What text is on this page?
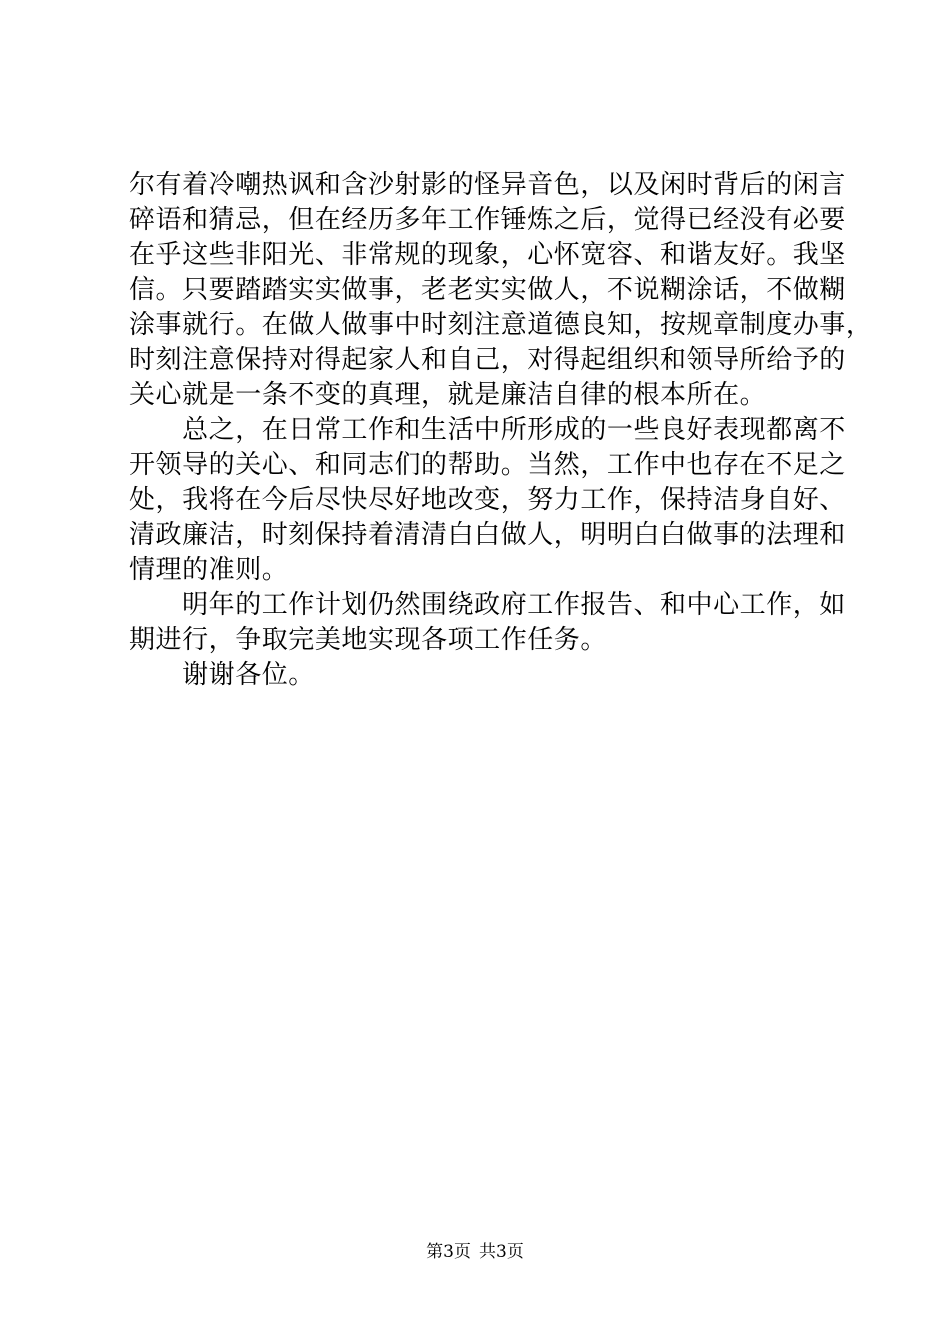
尔有着冷嘲热讽和含沙射影的怪异音色，以及闲时背后的闲言
碎语和猜忌，但在经历多年工作锤炼之后，觉得已经没有必要
在乎这些非阳光、非常规的现象，心怀宽容、和谐友好。我坚
信。只要踏踏实实做事，老老实实做人，不说糊涂话，不做糊
涂事就行。在做人做事中时刻注意道德良知，按规章制度办事，
时刻注意保持对得起家人和自己，对得起组织和领导所给予的
关心就是一条不变的真理，就是廉洁自律的根本所在。
　　总之，在日常工作和生活中所形成的一些良好表现都离不
开领导的关心、和同志们的帮助。当然，工作中也存在不足之
处，我将在今后尽快尽好地改变，努力工作，保持洁身自好、
清政廉洁，时刻保持着清清白白做人，明明白白做事的法理和
情理的准则。
　　明年的工作计划仍然围绕政府工作报告、和中心工作，如
期进行，争取完美地实现各项工作任务。
　　谢谢各位。
第3页 共3页
